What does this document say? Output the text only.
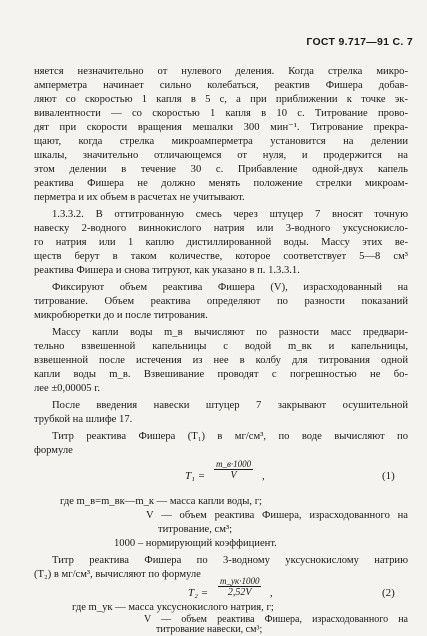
ГОСТ 9.717—91 С. 7
няется незначительно от нулевого деления. Когда стрелка микро-
амперметра начинает сильно колебаться, реактив Фишера добав-
ляют со скоростью 1 капля в 5 с, а при приближении к точке эк-
вивалентности — со скоростью 1 капля в 10 с. Титрование прово-
дят при скорости вращения мешалки 300 мин⁻¹. Титрование прекра-
щают, когда стрелка микроамперметра установится на делении
шкалы, значительно отличающемся от нуля, и продержится на
этом делении в течение 30 с. Прибавление одной-двух капель
реактива Фишера не должно менять положение стрелки микроам-
перметра и их объем в расчетах не учитывают.
1.3.3.2. В оттитрованную смесь через штуцер 7 вносят точную
навеску 2-водного виннокислого натрия или 3-водного уксуснокисло-
го натрия или 1 каплю дистиллированной воды. Массу этих ве-
ществ берут в таком количестве, которое соответствует 5—8 см³
реактива Фишера и снова титруют, как указано в п. 1.3.3.1.
Фиксируют объем реактива Фишера (V), израсходованный на
титрование. Объем реактива определяют по разности показаний
микробюретки до и после титрования.
Массу капли воды m_в вычисляют по разности масс предвари-
тельно взвешенной капельницы с водой m_вк и капельницы,
взвешенной после истечения из нее в колбу для титрования одной
капли воды m_в. Взвешивание проводят с погрешностью не бо-
лее ±0,00005 г.
После введения навески штуцер 7 закрывают осушительной
трубкой на шлифе 17.
Титр реактива Фишера (T₁) в мг/см³, по воде вычисляют по
формуле
T₁ =
m_в·1000
V	,	(1)
где m_в=m_вк—m_к — масса капли воды, г;
V — объем реактива Фишера, израсходованного на
титрование, см³;
1000 – нормирующий коэффициент.
Титр реактива Фишера по 3-водному уксуснокислому натрию
(T₂) в мг/см³, вычисляют по формуле
T₂ =
m_ук·1000
2,52V	,	(2)
где m_ук — масса уксуснокислого натрия, г;
V — объем реактива Фишера, израсходованного на
титрование навески, см³;
